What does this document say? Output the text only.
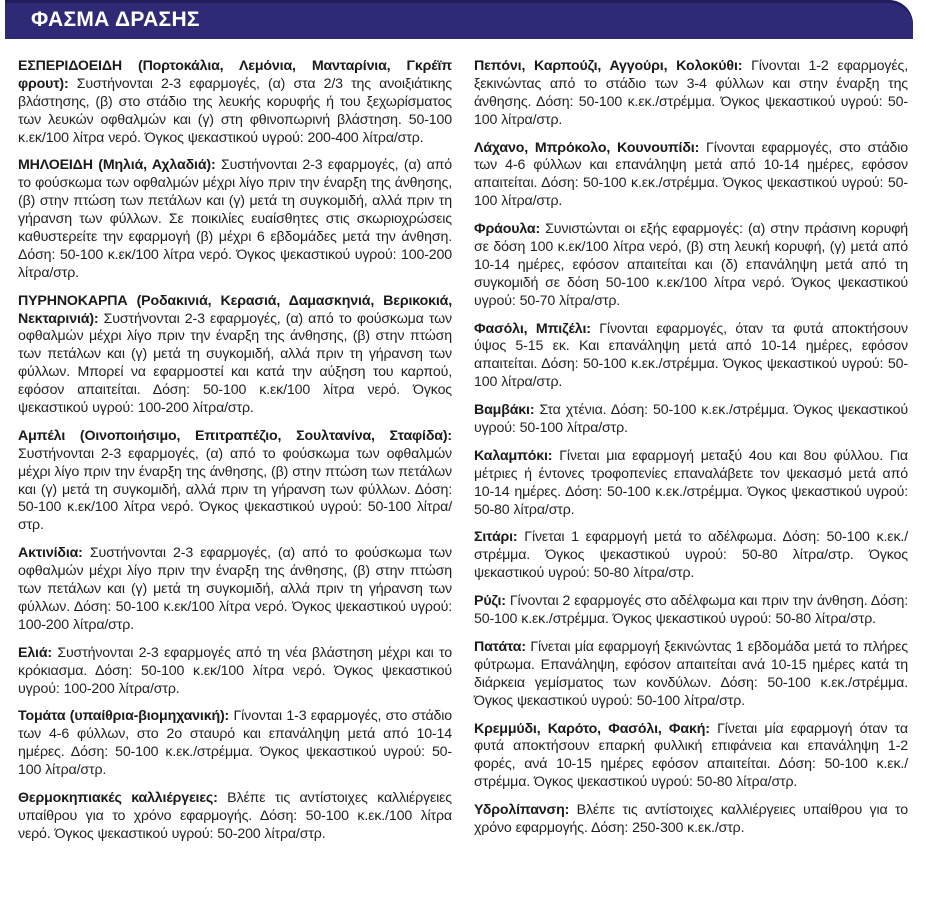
ΦΑΣΜΑ ΔΡΑΣΗΣ

ΕΣΠΕΡΙΔΟΕΙΔΗ (Πορτοκάλια, Λεμόνια, Μανταρίνια, Γκρέϊπ φρουτ): Συστήνονται 2-3 εφαρμογές, (α) στα 2/3 της ανοιξιάτικης βλάστησης, (β) στο στάδιο της λευκής κορυφής ή του ξεχωρίσματος των λευκών οφθαλμών και (γ) στη φθινοπωρινή βλάστηση. 50-100 κ.εκ/100 λίτρα νερό. Όγκος ψεκαστικού υγρού: 200-400 λίτρα/στρ.

ΜΗΛΟΕΙΔΗ (Μηλιά, Αχλαδιά): Συστήνονται 2-3 εφαρμογές, (α) από το φούσκωμα των οφθαλμών μέχρι λίγο πριν την έναρξη της άνθησης, (β) στην πτώση των πετάλων και (γ) μετά τη συγκομιδή, αλλά πριν τη γήρανση των φύλλων. Σε ποικιλίες ευαίσθητες στις σκωριοχρώσεις καθυστερείτε την εφαρμογή (β) μέχρι 6 εβδομάδες μετά την άνθηση. Δόση: 50-100 κ.εκ/100 λίτρα νερό. Όγκος ψεκαστικού υγρού: 100-200 λίτρα/στρ.

ΠΥΡΗΝΟΚΑΡΠΑ (Ροδακινιά, Κερασιά, Δαμασκηνιά, Βερικοκιά, Νεκταρινιά): Συστήνονται 2-3 εφαρμογές, (α) από το φούσκωμα των οφθαλμών μέχρι λίγο πριν την έναρξη της άνθησης, (β) στην πτώση των πετάλων και (γ) μετά τη συγκομιδή, αλλά πριν τη γήρανση των φύλλων. Μπορεί να εφαρμοστεί και κατά την αύξηση του καρπού, εφόσον απαιτείται. Δόση: 50-100 κ.εκ/100 λίτρα νερό. Όγκος ψεκαστικού υγρού: 100-200 λίτρα/στρ.

Αμπέλι (Οινοποιήσιμο, Επιτραπέζιο, Σουλτανίνα, Σταφίδα): Συστήνονται 2-3 εφαρμογές, (α) από το φούσκωμα των οφθαλμών μέχρι λίγο πριν την έναρξη της άνθησης, (β) στην πτώση των πετάλων και (γ) μετά τη συγκομιδή, αλλά πριν τη γήρανση των φύλλων. Δόση: 50-100 κ.εκ/100 λίτρα νερό. Όγκος ψεκαστικού υγρού: 50-100 λίτρα/στρ.

Ακτινίδια: Συστήνονται 2-3 εφαρμογές, (α) από το φούσκωμα των οφθαλμών μέχρι λίγο πριν την έναρξη της άνθησης, (β) στην πτώση των πετάλων και (γ) μετά τη συγκομιδή, αλλά πριν τη γήρανση των φύλλων. Δόση: 50-100 κ.εκ/100 λίτρα νερό. Όγκος ψεκαστικού υγρού: 100-200 λίτρα/στρ.

Ελιά: Συστήνονται 2-3 εφαρμογές από τη νέα βλάστηση μέχρι και το κρόκιασμα. Δόση: 50-100 κ.εκ/100 λίτρα νερό. Όγκος ψεκαστικού υγρού: 100-200 λίτρα/στρ.

Τομάτα (υπαίθρια-βιομηχανική): Γίνονται 1-3 εφαρμογές, στο στάδιο των 4-6 φύλλων, στο 2ο σταυρό και επανάληψη μετά από 10-14 ημέρες. Δόση: 50-100 κ.εκ./στρέμμα. Όγκος ψεκαστικού υγρού: 50-100 λίτρα/στρ.

Θερμοκηπιακές καλλιέργειες: Βλέπε τις αντίστοιχες καλλιέργειες υπαίθρου για το χρόνο εφαρμογής. Δόση: 50-100 κ.εκ./100 λίτρα νερό. Όγκος ψεκαστικού υγρού: 50-200 λίτρα/στρ.

Πεπόνι, Καρπούζι, Αγγούρι, Κολοκύθι: Γίνονται 1-2 εφαρμογές, ξεκινώντας από το στάδιο των 3-4 φύλλων και στην έναρξη της άνθησης. Δόση: 50-100 κ.εκ./στρέμμα. Όγκος ψεκαστικού υγρού: 50-100 λίτρα/στρ.

Λάχανο, Μπρόκολο, Κουνουπίδι: Γίνονται εφαρμογές, στο στάδιο των 4-6 φύλλων και επανάληψη μετά από 10-14 ημέρες, εφόσον απαιτείται. Δόση: 50-100 κ.εκ./στρέμμα. Όγκος ψεκαστικού υγρού: 50-100 λίτρα/στρ.

Φράουλα: Συνιστώνται οι εξής εφαρμογές: (α) στην πράσινη κορυφή σε δόση 100 κ.εκ/100 λίτρα νερό, (β) στη λευκή κορυφή, (γ) μετά από 10-14 ημέρες, εφόσον απαιτείται και (δ) επανάληψη μετά από τη συγκομιδή σε δόση 50-100 κ.εκ/100 λίτρα νερό. Όγκος ψεκαστικού υγρού: 50-70 λίτρα/στρ.

Φασόλι, Μπιζέλι: Γίνονται εφαρμογές, όταν τα φυτά αποκτήσουν ύψος 5-15 εκ. Και επανάληψη μετά από 10-14 ημέρες, εφόσον απαιτείται. Δόση: 50-100 κ.εκ./στρέμμα. Όγκος ψεκαστικού υγρού: 50-100 λίτρα/στρ.

Βαμβάκι: Στα χτένια. Δόση: 50-100 κ.εκ./στρέμμα. Όγκος ψεκαστικού υγρού: 50-100 λίτρα/στρ.

Καλαμπόκι: Γίνεται μια εφαρμογή μεταξύ 4ου και 8ου φύλλου. Για μέτριες ή έντονες τροφοπενίες επαναλάβετε τον ψεκασμό μετά από 10-14 ημέρες. Δόση: 50-100 κ.εκ./στρέμμα. Όγκος ψεκαστικού υγρού: 50-80 λίτρα/στρ.

Σιτάρι: Γίνεται 1 εφαρμογή μετά το αδέλφωμα. Δόση: 50-100 κ.εκ./στρέμμα. Όγκος ψεκαστικού υγρού: 50-80 λίτρα/στρ. Όγκος ψεκαστικού υγρού: 50-80 λίτρα/στρ.

Ρύζι: Γίνονται 2 εφαρμογές στο αδέλφωμα και πριν την άνθηση. Δόση: 50-100 κ.εκ./στρέμμα. Όγκος ψεκαστικού υγρού: 50-80 λίτρα/στρ.

Πατάτα: Γίνεται μία εφαρμογή ξεκινώντας 1 εβδομάδα μετά το πλήρες φύτρωμα. Επανάληψη, εφόσον απαιτείται ανά 10-15 ημέρες κατά τη διάρκεια γεμίσματος των κονδύλων. Δόση: 50-100 κ.εκ./στρέμμα. Όγκος ψεκαστικού υγρού: 50-100 λίτρα/στρ.

Κρεμμύδι, Καρότο, Φασόλι, Φακή: Γίνεται μία εφαρμογή όταν τα φυτά αποκτήσουν επαρκή φυλλική επιφάνεια και επανάληψη 1-2 φορές, ανά 10-15 ημέρες εφόσον απαιτείται. Δόση: 50-100 κ.εκ./στρέμμα. Όγκος ψεκαστικού υγρού: 50-80 λίτρα/στρ.

Υδρολίπανση: Βλέπε τις αντίστοιχες καλλιέργειες υπαίθρου για το χρόνο εφαρμογής. Δόση: 250-300 κ.εκ./στρ.
